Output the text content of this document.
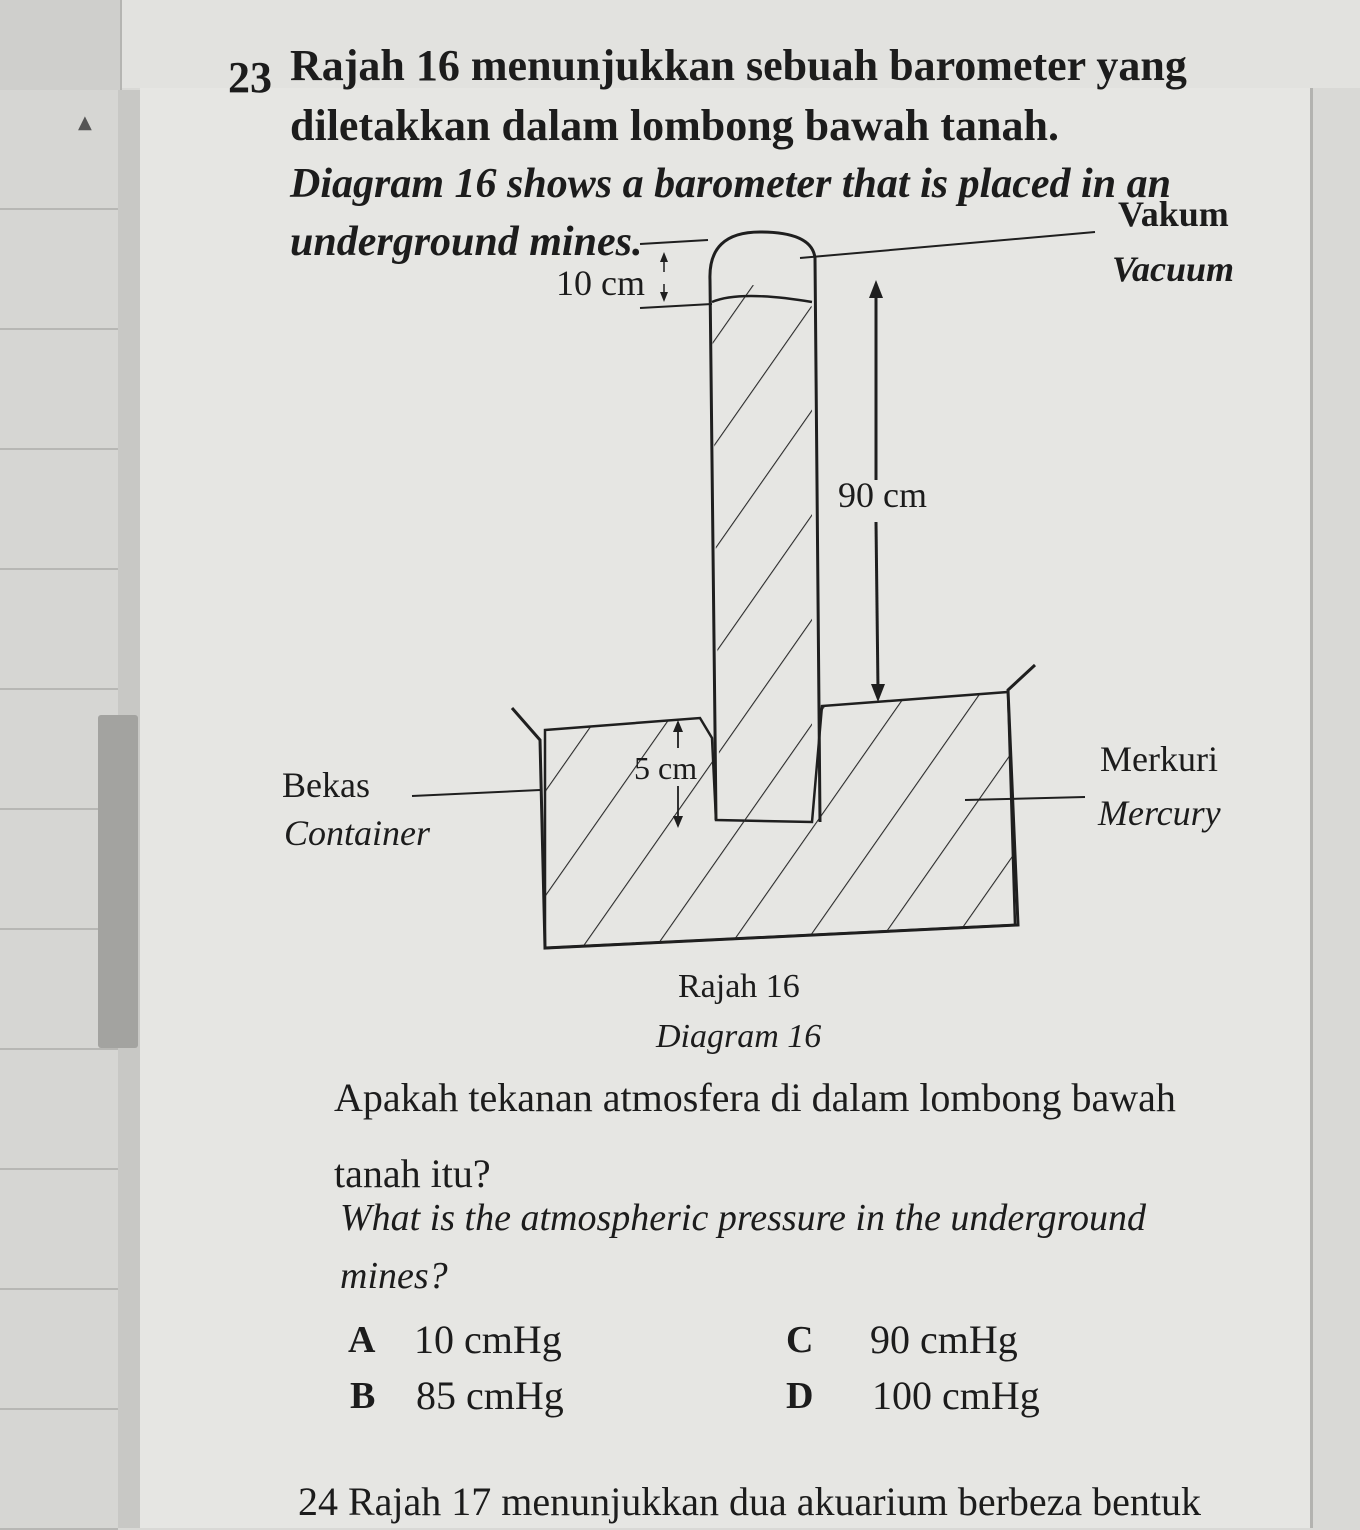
▲
23 Rajah 16 menunjukkan sebuah barometer yang
diletakkan dalam lombong bawah tanah.
Diagram 16 shows a barometer that is placed in an
underground mines.
Vakum
Vacuum
10 cm
90 cm
5 cm
Bekas
Container
Merkuri
Mercury
Rajah 16
Diagram 16
Apakah tekanan atmosfera di dalam lombong bawah
tanah itu?
What is the atmospheric pressure in the underground
mines?
A 10 cmHg
B 85 cmHg
C 90 cmHg
D 100 cmHg
24 Rajah 17 menunjukkan dua akuarium berbeza bentuk
